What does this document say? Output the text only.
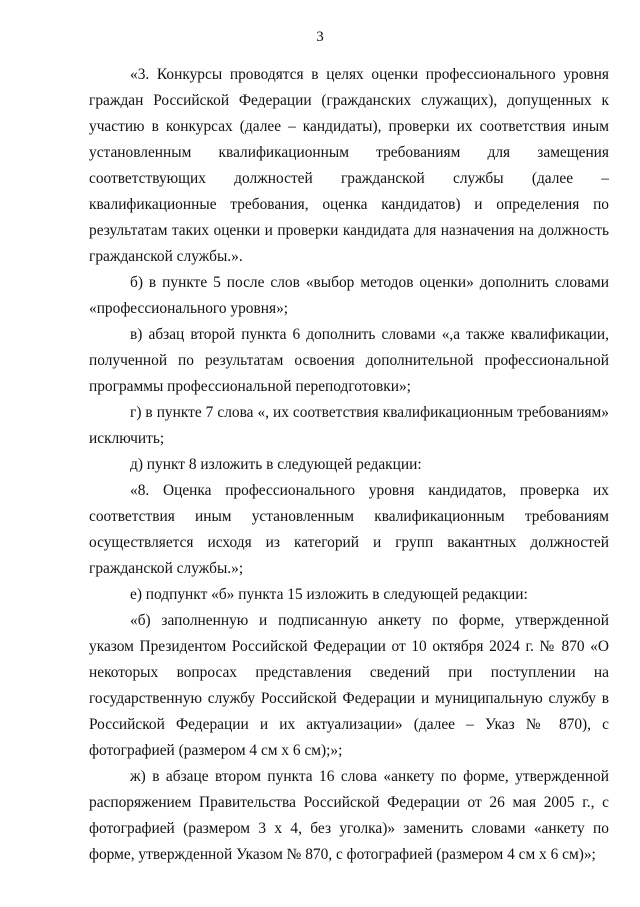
3

«3. Конкурсы проводятся в целях оценки профессионального уровня граждан Российской Федерации (гражданских служащих), допущенных к участию в конкурсах (далее – кандидаты), проверки их соответствия иным установленным квалификационным требованиям для замещения соответствующих должностей гражданской службы (далее – квалификационные требования, оценка кандидатов) и определения по результатам таких оценки и проверки кандидата для назначения на должность гражданской службы.».

б) в пункте 5 после слов «выбор методов оценки» дополнить словами «профессионального уровня»;

в) абзац второй пункта 6 дополнить словами «,а также квалификации, полученной по результатам освоения дополнительной профессиональной программы профессиональной переподготовки»;

г) в пункте 7 слова «, их соответствия квалификационным требованиям» исключить;

д) пункт 8 изложить в следующей редакции:

«8. Оценка профессионального уровня кандидатов, проверка их соответствия иным установленным квалификационным требованиям осуществляется исходя из категорий и групп вакантных должностей гражданской службы.»;

е) подпункт «б» пункта 15 изложить в следующей редакции:

«б) заполненную и подписанную анкету по форме, утвержденной указом Президентом Российской Федерации от 10 октября 2024 г. № 870 «О некоторых вопросах представления сведений при поступлении на государственную службу Российской Федерации и муниципальную службу в Российской Федерации и их актуализации» (далее – Указ № 870), с фотографией (размером 4 см х 6 см);»;

ж) в абзаце втором пункта 16 слова «анкету по форме, утвержденной распоряжением Правительства Российской Федерации от 26 мая 2005 г., с фотографией (размером 3 х 4, без уголка)» заменить словами «анкету по форме, утвержденной Указом № 870, с фотографией (размером 4 см х 6 см)»;
